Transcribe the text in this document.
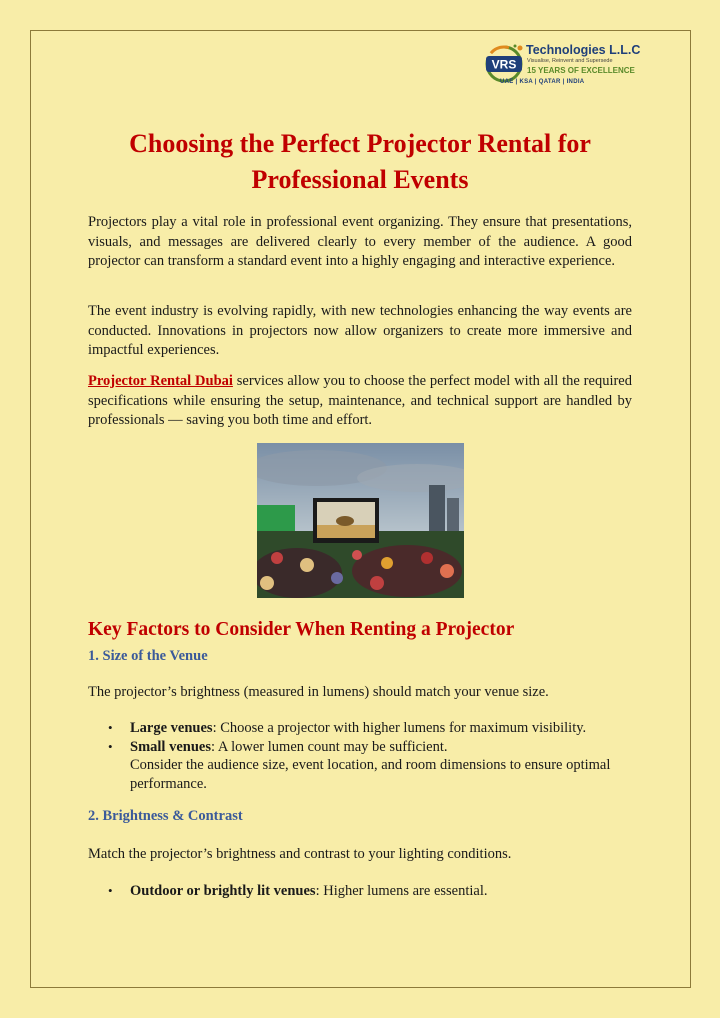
VRS
Technologies L.L.C
Visualise, Reinvent and Supersede
15 YEARS OF EXCELLENCE
UAE | KSA | QATAR | INDIA
Choosing the Perfect Projector Rental for Professional Events

Projectors play a vital role in professional event organizing. They ensure that presentations, visuals, and messages are delivered clearly to every member of the audience. A good projector can transform a standard event into a highly engaging and interactive experience.

The event industry is evolving rapidly, with new technologies enhancing the way events are conducted. Innovations in projectors now allow organizers to create more immersive and impactful experiences.

Projector Rental Dubai services allow you to choose the perfect model with all the required specifications while ensuring the setup, maintenance, and technical support are handled by professionals — saving you both time and effort.

Key Factors to Consider When Renting a Projector
1. Size of the Venue

The projector’s brightness (measured in lumens) should match your venue size.

• Large venues: Choose a projector with higher lumens for maximum visibility.
• Small venues: A lower lumen count may be sufficient.
Consider the audience size, event location, and room dimensions to ensure optimal performance.
2. Brightness & Contrast

Match the projector’s brightness and contrast to your lighting conditions.

• Outdoor or brightly lit venues: Higher lumens are essential.
